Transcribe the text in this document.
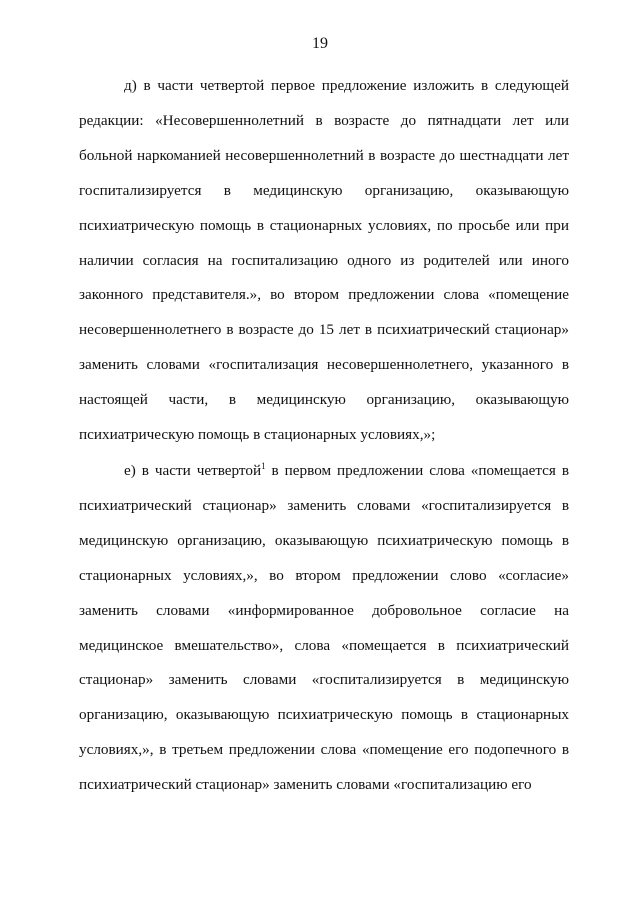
19

д) в части четвертой первое предложение изложить в следующей редакции: «Несовершеннолетний в возрасте до пятнадцати лет или больной наркоманией несовершеннолетний в возрасте до шестнадцати лет госпитализируется в медицинскую организацию, оказывающую психиатрическую помощь в стационарных условиях, по просьбе или при наличии согласия на госпитализацию одного из родителей или иного законного представителя.», во втором предложении слова «помещение несовершеннолетнего в возрасте до 15 лет в психиатрический стационар» заменить словами «госпитализация несовершеннолетнего, указанного в настоящей части, в медицинскую организацию, оказывающую психиатрическую помощь в стационарных условиях,»;

е) в части четвертой$^1$ в первом предложении слова «помещается в психиатрический стационар» заменить словами «госпитализируется в медицинскую организацию, оказывающую психиатрическую помощь в стационарных условиях,», во втором предложении слово «согласие» заменить словами «информированное добровольное согласие на медицинское вмешательство», слова «помещается в психиатрический стационар» заменить словами «госпитализируется в медицинскую организацию, оказывающую психиатрическую помощь в стационарных условиях,», в третьем предложении слова «помещение его подопечного в психиатрический стационар» заменить словами «госпитализацию его
